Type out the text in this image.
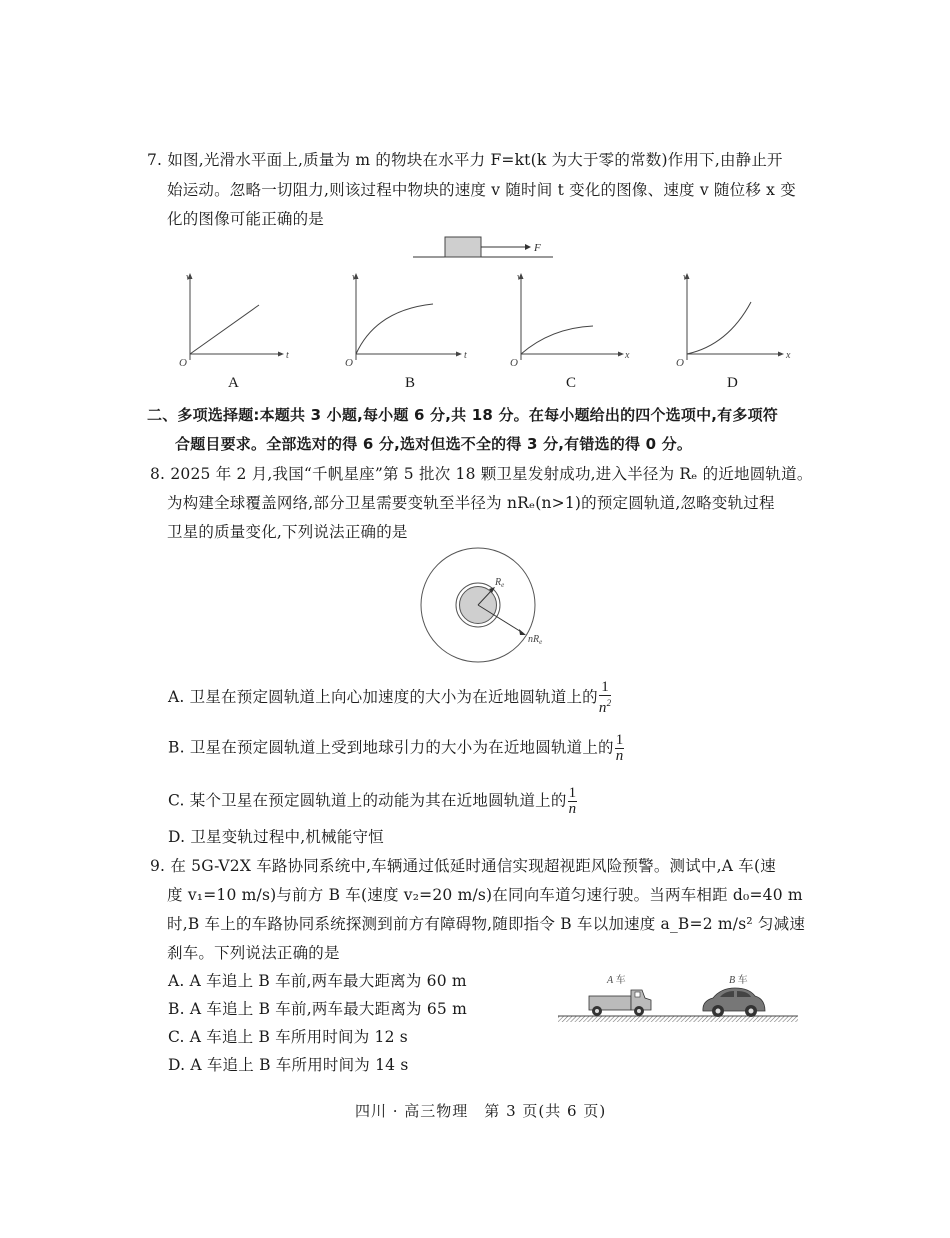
7. 如图,光滑水平面上,质量为 m 的物块在水平力 F=kt(k 为大于零的常数)作用下,由静止开
始运动。忽略一切阻力,则该过程中物块的速度 v 随时间 t 变化的图像、速度 v 随位移 x 变
化的图像可能正确的是
F
v
t
O
A
v
t
O
B
v
x
O
C
v
x
O
D
二、多项选择题:本题共 3 小题,每小题 6 分,共 18 分。在每小题给出的四个选项中,有多项符
合题目要求。全部选对的得 6 分,选对但选不全的得 3 分,有错选的得 0 分。
8. 2025 年 2 月,我国“千帆星座”第 5 批次 18 颗卫星发射成功,进入半径为 Rₑ 的近地圆轨道。
为构建全球覆盖网络,部分卫星需要变轨至半径为 nRₑ(n>1)的预定圆轨道,忽略变轨过程
卫星的质量变化,下列说法正确的是
$R_e$
$nR_e$
A. 卫星在预定圆轨道上向心加速度的大小为在近地圆轨道上的 $\frac{1}{n^2}$
B. 卫星在预定圆轨道上受到地球引力的大小为在近地圆轨道上的 $\frac{1}{n}$
C. 某个卫星在预定圆轨道上的动能为其在近地圆轨道上的 $\frac{1}{n}$
D. 卫星变轨过程中,机械能守恒
9. 在 5G-V2X 车路协同系统中,车辆通过低延时通信实现超视距风险预警。测试中,A 车(速
度 v₁=10 m/s)与前方 B 车(速度 v₂=20 m/s)在同向车道匀速行驶。当两车相距 d₀=40 m
时,B 车上的车路协同系统探测到前方有障碍物,随即指令 B 车以加速度 a_B=2 m/s² 匀减速
刹车。下列说法正确的是
A. A 车追上 B 车前,两车最大距离为 60 m
B. A 车追上 B 车前,两车最大距离为 65 m
C. A 车追上 B 车所用时间为 12 s
D. A 车追上 B 车所用时间为 14 s
A 车	B 车
四川 · 高三物理　第 3 页(共 6 页)
